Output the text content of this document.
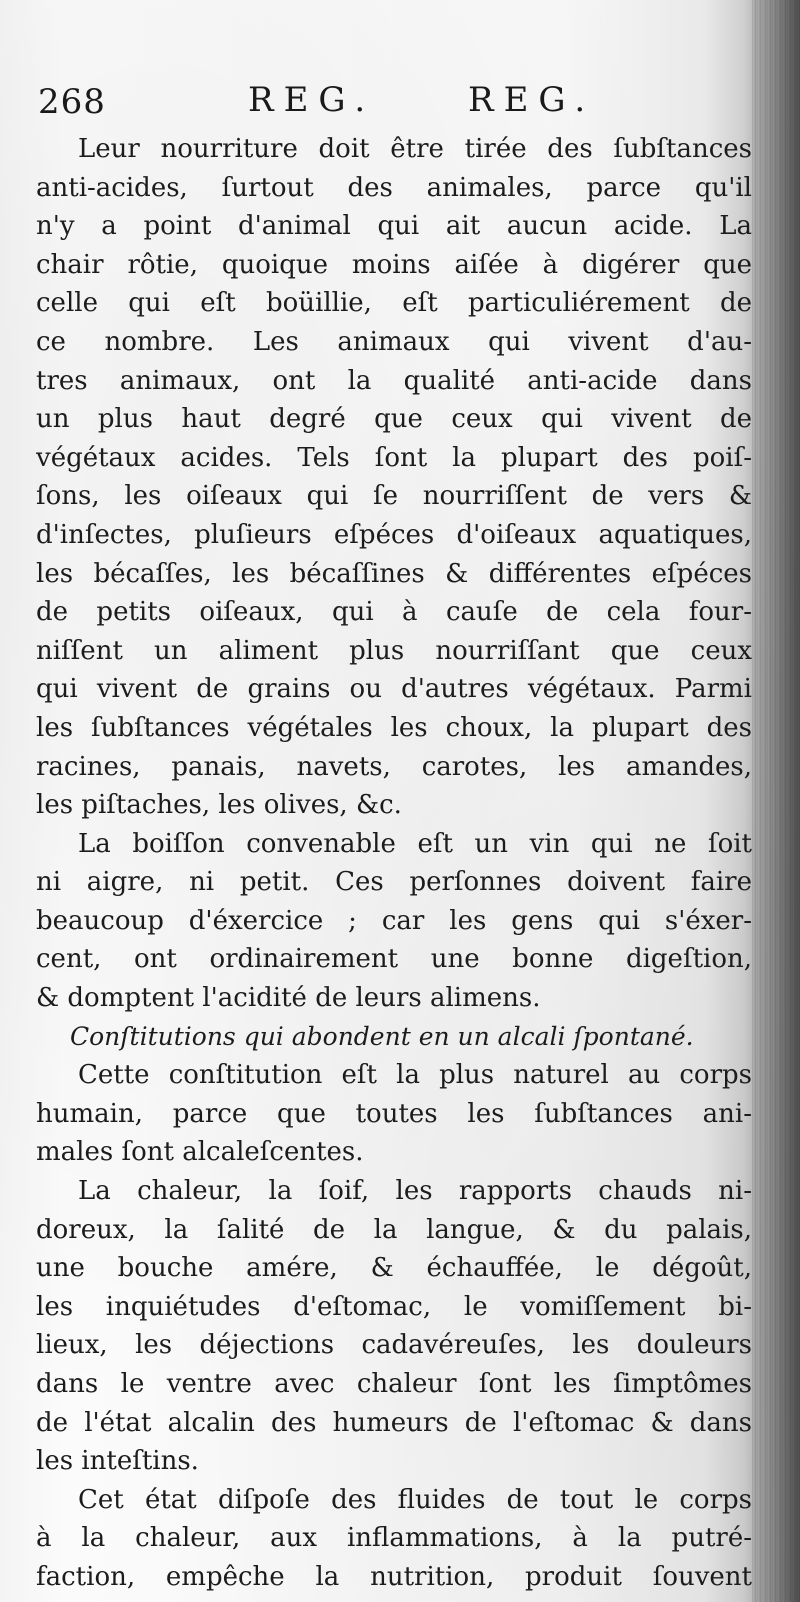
268	REG.	REG.
Leur nourriture doit être tirée des ſubſtances
anti-acides, ſurtout des animales, parce qu'il
n'y a point d'animal qui ait aucun acide. La
chair rôtie, quoique moins aiſée à digérer que
celle qui eſt boüillie, eſt particuliérement de
ce nombre. Les animaux qui vivent d'au-
tres animaux, ont la qualité anti-acide dans
un plus haut degré que ceux qui vivent de
végétaux acides. Tels ſont la plupart des poiſ-
ſons, les oiſeaux qui ſe nourriſſent de vers &
d'inſectes, pluſieurs eſpéces d'oiſeaux aquatiques,
les bécaſſes, les bécaſſines & différentes eſpéces
de petits oiſeaux, qui à cauſe de cela four-
niſſent un aliment plus nourriſſant que ceux
qui vivent de grains ou d'autres végétaux. Parmi
les ſubſtances végétales les choux, la plupart des
racines, panais, navets, carotes, les amandes,
les piſtaches, les olives, &c.
La boiſſon convenable eſt un vin qui ne ſoit
ni aigre, ni petit. Ces perſonnes doivent faire
beaucoup d'éxercice ; car les gens qui s'éxer-
cent, ont ordinairement une bonne digeſtion,
& domptent l'acidité de leurs alimens.
Conſtitutions qui abondent en un alcali ſpontané.
Cette conſtitution eſt la plus naturel au corps
humain, parce que toutes les ſubſtances ani-
males ſont alcaleſcentes.
La chaleur, la ſoif, les rapports chauds ni-
doreux, la ſalité de la langue, & du palais,
une bouche amére, & échauffée, le dégoût,
les inquiétudes d'eſtomac, le vomiſſement bi-
lieux, les déjections cadavéreuſes, les douleurs
dans le ventre avec chaleur ſont les ſimptômes
de l'état alcalin des humeurs de l'eſtomac & dans
les inteſtins.
Cet état diſpoſe des fluides de tout le corps
à la chaleur, aux inflammations, à la putré-
faction, empêche la nutrition, produit ſouvent
